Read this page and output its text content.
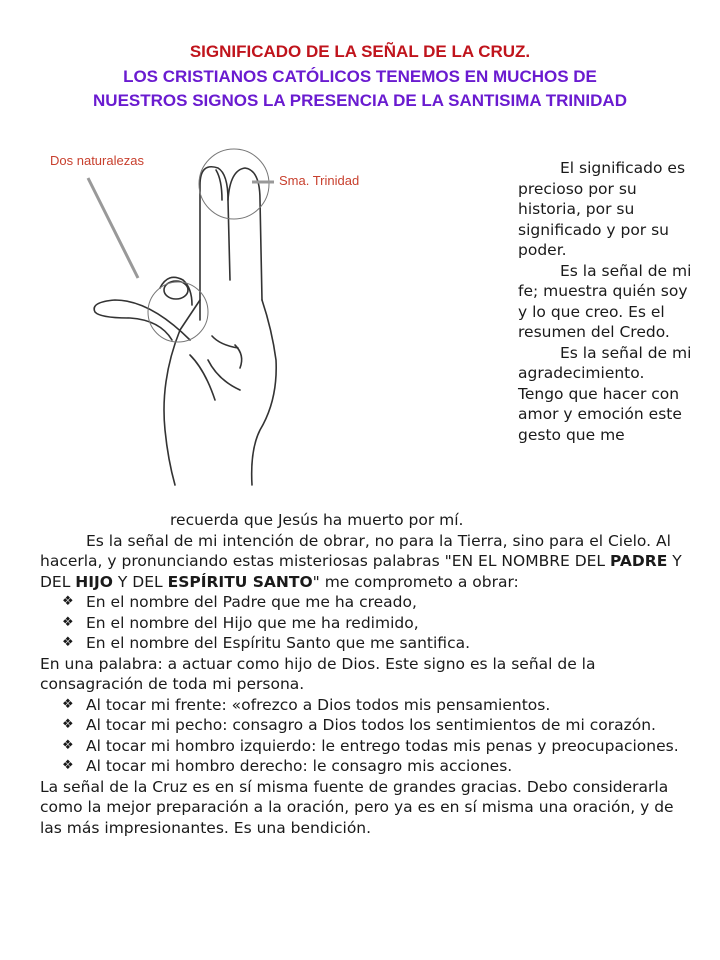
SIGNIFICADO DE LA SEÑAL DE LA CRUZ.
LOS CRISTIANOS CATÓLICOS TENEMOS EN MUCHOS DE
NUESTROS SIGNOS LA PRESENCIA DE LA SANTISIMA TRINIDAD
Dos naturalezas
Sma. Trinidad

El significado es precioso por su historia, por su significado y por su poder.

Es la señal de mi fe; muestra quién soy y lo que creo. Es el resumen del Credo.

Es la señal de mi agradecimiento. Tengo que hacer con amor y emoción este gesto que me

recuerda que Jesús ha muerto por mí.

Es la señal de mi intención de obrar, no para la Tierra, sino para el Cielo. Al hacerla, y pronunciando estas misteriosas palabras "EN EL NOMBRE DEL PADRE Y DEL HIJO Y DEL ESPÍRITU SANTO" me comprometo a obrar:

❖ En el nombre del Padre que me ha creado,

❖ En el nombre del Hijo que me ha redimido,

❖ En el nombre del Espíritu Santo que me santifica.

En una palabra: a actuar como hijo de Dios. Este signo es la señal de la consagración de toda mi persona.

❖ Al tocar mi frente: «ofrezco a Dios todos mis pensamientos.

❖ Al tocar mi pecho: consagro a Dios todos los sentimientos de mi corazón.

❖ Al tocar mi hombro izquierdo: le entrego todas mis penas y preocupaciones.

❖ Al tocar mi hombro derecho: le consagro mis acciones.

La señal de la Cruz es en sí misma fuente de grandes gracias. Debo considerarla como la mejor preparación a la oración, pero ya es en sí misma una oración, y de las más impresionantes. Es una bendición.
